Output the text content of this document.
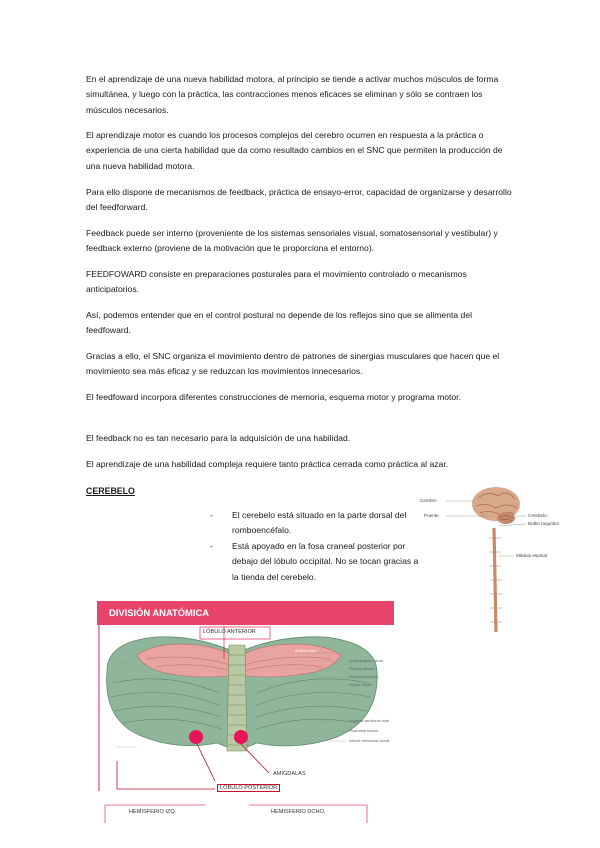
En el aprendizaje de una nueva habilidad motora, al principio se tiende a activar muchos músculos de forma simultánea, y luego con la práctica, las contracciones menos eficaces se eliminan y sólo se contraen los músculos necesarios.

El aprendizaje motor es cuando los procesos complejos del cerebro ocurren en respuesta a la práctica o experiencia de una cierta habilidad que da como resultado cambios en el SNC que permiten la producción de una nueva habilidad motora.

Para ello dispone de mecanismos de feedback, práctica de ensayo-error, capacidad de organizarse y desarrollo del feedforward.

Feedback puede ser interno (proveniente de los sistemas sensoriales visual, somatosensorial y vestibular) y feedback externo (proviene de la motivación que le proporciona el entorno).

FEEDFOWARD consiste en preparaciones posturales para el movimiento controlado o mecanismos anticipatorios.

Así, podemos entender que en el control postural no depende de los reflejos sino que se alimenta del feedfoward.

Gracias a ello, el SNC organiza el movimiento dentro de patrones de sinergias musculares que hacen que el movimiento sea más eficaz y se reduzcan los movimientos innecesarios.

El feedfoward incorpora diferentes construcciones de memoria, esquema motor y programa motor.

El feedback no es tan necesario para la adquisición de una habilidad.

El aprendizaje de una habilidad compleja requiere tanto práctica cerrada como práctica al azar.

CEREBELO

- El cerebelo está situado en la parte dorsal del romboencéfalo.
- Está apoyado en la fosa craneal posterior por debajo del lóbulo occipital. No se tocan gracias a la tienda del cerebelo.
Cerebro
Puente	Cerebelo
Bulbo raquídeo
Médula espinal
DIVISIÓN ANATÓMICA
LÓBULO ANTERIOR
LÓBULO POSTERIOR
AMÍGDALAS
HEMISFERIO IZQ.	HEMISFERIO DCHO.
Anterior lobe
Quadrangular lobule
Primary fissure
Horizontal fissure
Simple lobule
Superior semilunar lobe
Horizontal fissure
Inferior semilunar lobule
